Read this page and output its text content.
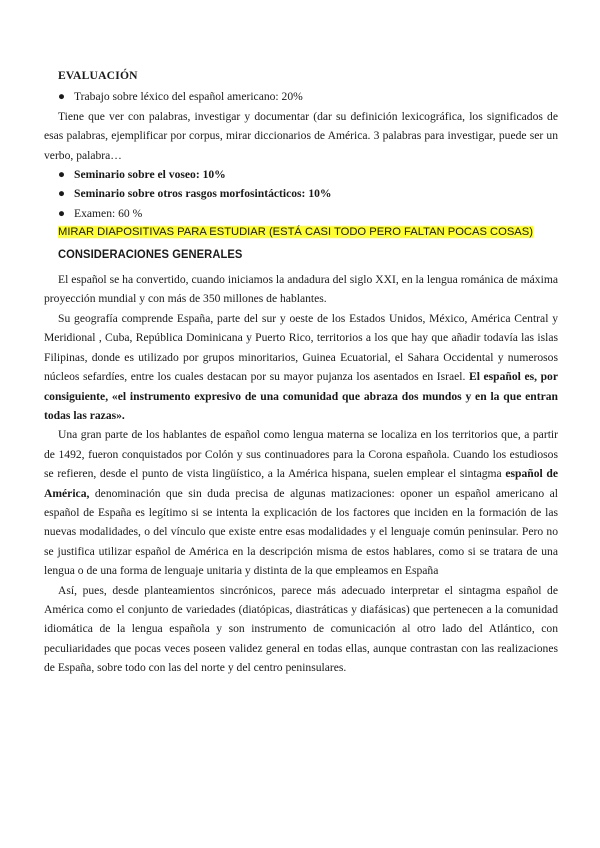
EVALUACIÓN
● Trabajo sobre léxico del español americano: 20%

Tiene que ver con palabras, investigar y documentar (dar su definición lexicográfica, los significados de esas palabras, ejemplificar por corpus, mirar diccionarios de América. 3 palabras para investigar, puede ser un verbo, palabra…

● Seminario sobre el voseo: 10%
● Seminario sobre otros rasgos morfosintácticos: 10%
● Examen: 60 %
MIRAR DIAPOSITIVAS PARA ESTUDIAR (ESTÁ CASI TODO PERO FALTAN POCAS COSAS)
CONSIDERACIONES GENERALES

El español se ha convertido, cuando iniciamos la andadura del siglo XXI, en la lengua románica de máxima proyección mundial y con más de 350 millones de hablantes.

Su geografía comprende España, parte del sur y oeste de los Estados Unidos, México, América Central y Meridional , Cuba, República Dominicana y Puerto Rico, territorios a los que hay que añadir todavía las islas Filipinas, donde es utilizado por grupos minoritarios, Guinea Ecuatorial, el Sahara Occidental y numerosos núcleos sefardíes, entre los cuales destacan por su mayor pujanza los asentados en Israel. El español es, por consiguiente, «el instrumento expresivo de una comunidad que abraza dos mundos y en la que entran todas las razas».

Una gran parte de los hablantes de español como lengua materna se localiza en los territorios que, a partir de 1492, fueron conquistados por Colón y sus continuadores para la Corona española. Cuando los estudiosos se refieren, desde el punto de vista lingüístico, a la América hispana, suelen emplear el sintagma español de América, denominación que sin duda precisa de algunas matizaciones: oponer un español americano al español de España es legítimo si se intenta la explicación de los factores que inciden en la formación de las nuevas modalidades, o del vínculo que existe entre esas modalidades y el lenguaje común peninsular. Pero no se justifica utilizar español de América en la descripción misma de estos hablares, como si se tratara de una lengua o de una forma de lenguaje unitaria y distinta de la que empleamos en España

Así, pues, desde planteamientos sincrónicos, parece más adecuado interpretar el sintagma español de América como el conjunto de variedades (diatópicas, diastráticas y diafásicas) que pertenecen a la comunidad idiomática de la lengua española y son instrumento de comunicación al otro lado del Atlántico, con peculiaridades que pocas veces poseen validez general en todas ellas, aunque contrastan con las realizaciones de España, sobre todo con las del norte y del centro peninsulares.
